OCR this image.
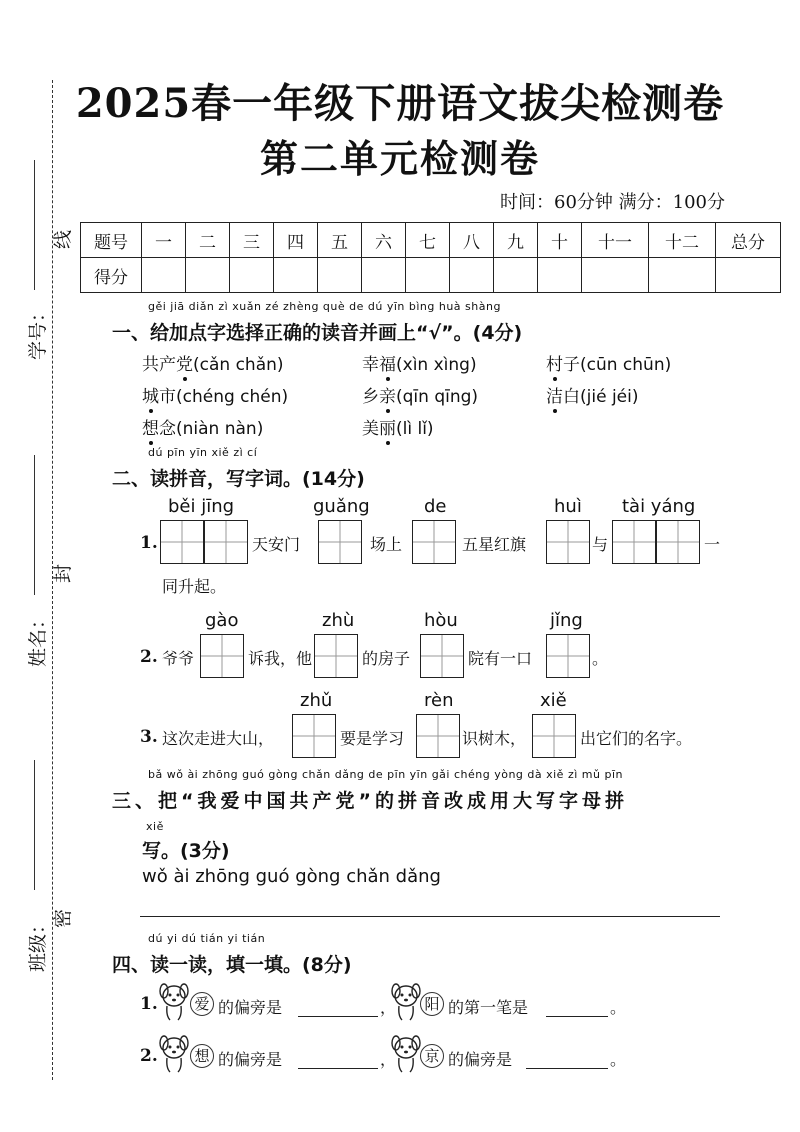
学号：
线
姓名：
封
班级： 密
2025春一年级下册语文拔尖检测卷
第二单元检测卷
时间：60分钟 满分：100分
题号	一	二	三	四	五	六	七	八	九	十	十一	十二	总分
得分													
gěi jiā diǎn zì xuǎn zé zhèng què de dú yīn bìng huà shàng
一、给加点字选择正确的读音并画上“√”。(4分)
共产党(cǎn chǎn)	幸福(xìn xìng)	村子(cūn chūn)
城市(chéng chén)	乡亲(qīn qīng)	洁白(jié jéi)
想念(niàn nàn)	美丽(lì lǐ)
dú pīn yīn xiě zì cí
二、读拼音，写字词。(14分)
běi jīng	guǎng	de	huì tài yáng
1.	天安门	场上	五星红旗	与	一
同升起。
gào	zhù	hòu	jǐng
2. 爷爷	诉我，他	的房子	院有一口	。
zhǔ	rèn	xiě
3. 这次走进大山，	要是学习	识树木，	出它们的名字。
bǎ wǒ ài zhōng guó gòng chǎn dǎng de pīn yīn gǎi chéng yòng dà xiě zì mǔ pīn
三、把“我爱中国共产党”的拼音改成用大写字母拼
xiě
写。(3分)
wǒ ài zhōng guó gòng chǎn dǎng
dú yi dú tián yi tián
四、读一读，填一填。(8分)
1. 爱 的偏旁是	， 阳 的第一笔是	。
2. 想 的偏旁是	， 京 的偏旁是	。
